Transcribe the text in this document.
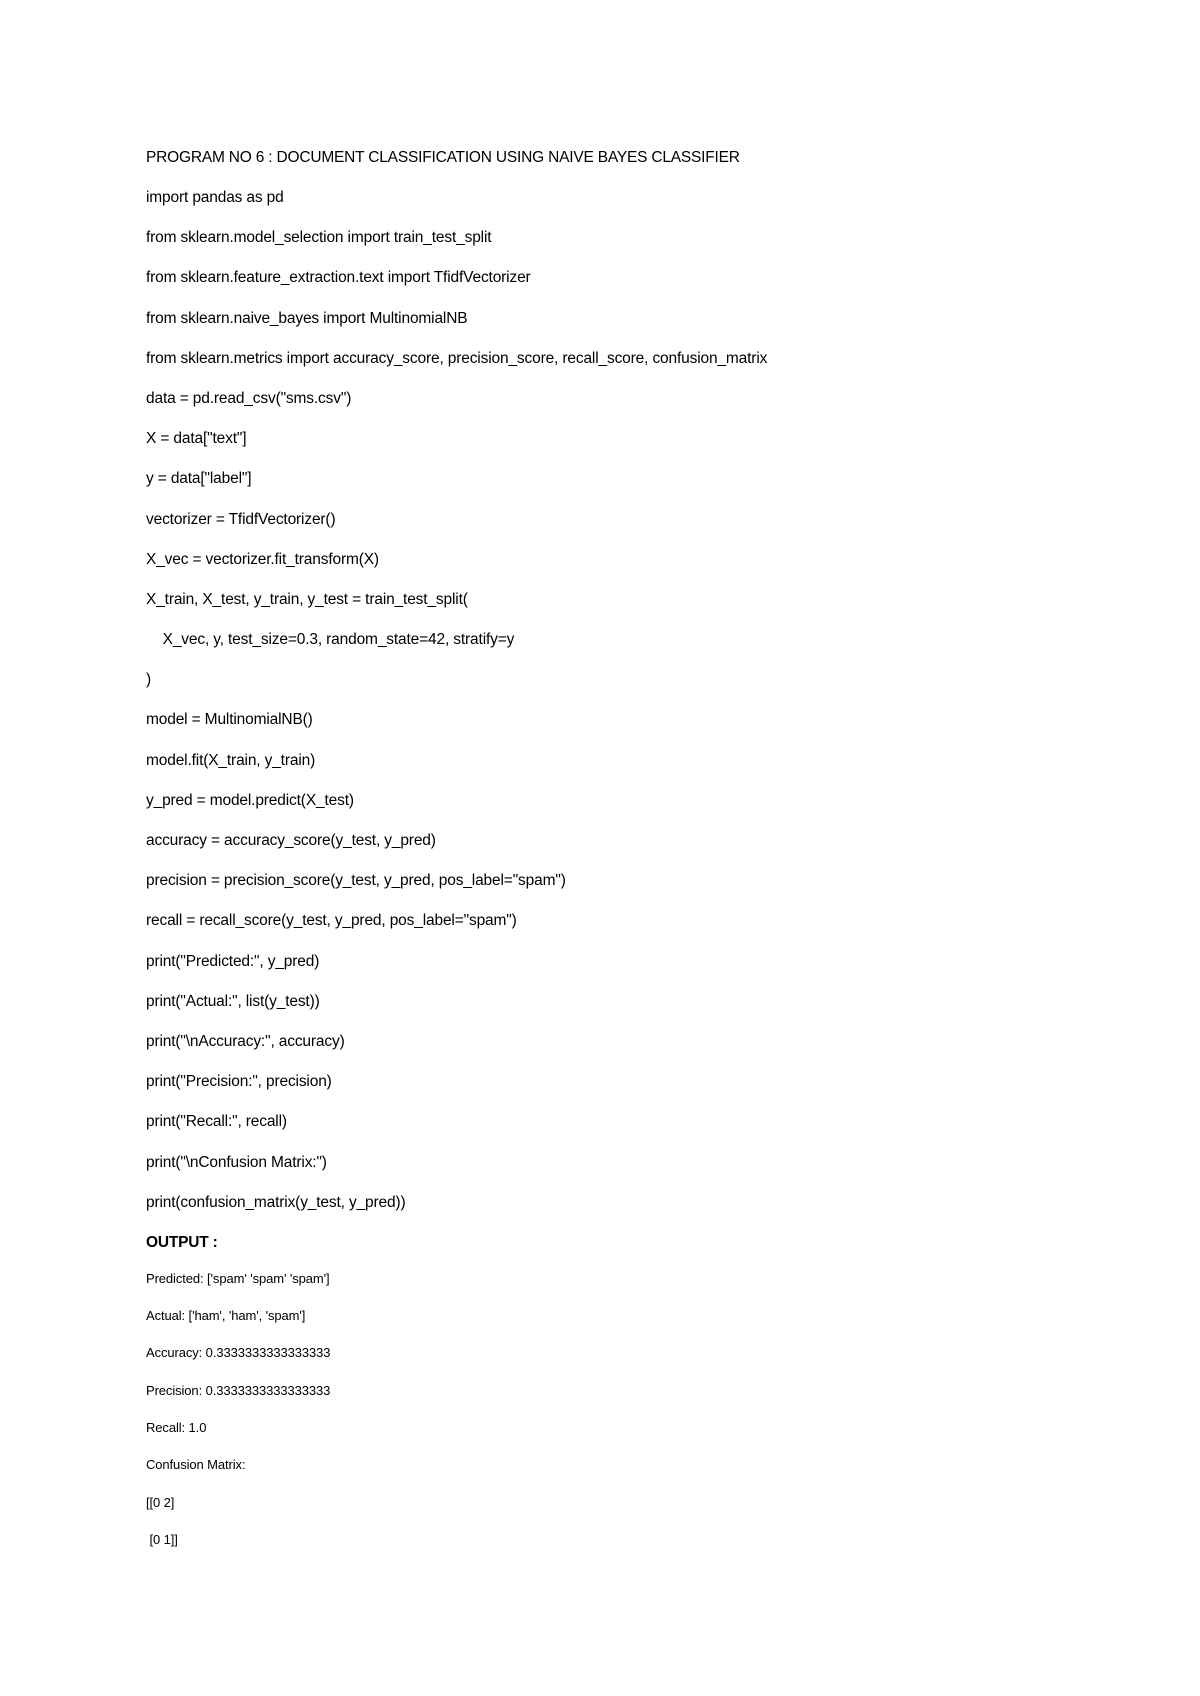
PROGRAM NO 6 : DOCUMENT CLASSIFICATION USING NAIVE BAYES CLASSIFIER

import pandas as pd

from sklearn.model_selection import train_test_split

from sklearn.feature_extraction.text import TfidfVectorizer

from sklearn.naive_bayes import MultinomialNB

from sklearn.metrics import accuracy_score, precision_score, recall_score, confusion_matrix

data = pd.read_csv("sms.csv")

X = data["text"]

y = data["label"]

vectorizer = TfidfVectorizer()

X_vec = vectorizer.fit_transform(X)

X_train, X_test, y_train, y_test = train_test_split(

X_vec, y, test_size=0.3, random_state=42, stratify=y

)

model = MultinomialNB()

model.fit(X_train, y_train)

y_pred = model.predict(X_test)

accuracy = accuracy_score(y_test, y_pred)

precision = precision_score(y_test, y_pred, pos_label="spam")

recall = recall_score(y_test, y_pred, pos_label="spam")

print("Predicted:", y_pred)

print("Actual:", list(y_test))

print("\nAccuracy:", accuracy)

print("Precision:", precision)

print("Recall:", recall)

print("\nConfusion Matrix:")

print(confusion_matrix(y_test, y_pred))

OUTPUT :

Predicted: ['spam' 'spam' 'spam']

Actual: ['ham', 'ham', 'spam']

Accuracy: 0.3333333333333333

Precision: 0.3333333333333333

Recall: 1.0

Confusion Matrix:

[[0 2]

[0 1]]
